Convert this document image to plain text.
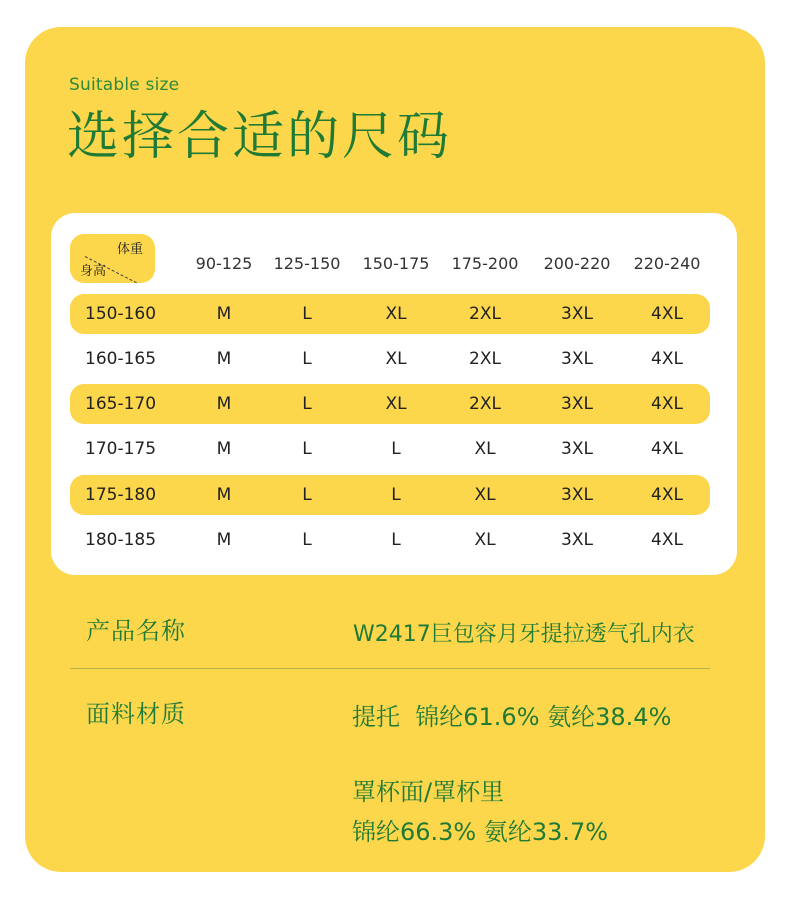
Suitable size
选择合适的尺码
体重
身高	90-125 125-150 150-175 175-200 200-220 220-240
150-160	M	L	XL	2XL	3XL	4XL
160-165	M	L	XL	2XL	3XL	4XL
165-170	M	L	XL	2XL	3XL	4XL
170-175	M	L	L	XL	3XL	4XL
175-180	M	L	L	XL	3XL	4XL
180-185	M	L	L	XL	3XL	4XL
产品名称	W2417巨包容月牙提拉透气孔内衣
面料材质	提托  锦纶61.6% 氨纶38.4%
罩杯面/罩杯里
锦纶66.3% 氨纶33.7%
汕头市潮南区司马浦丰凡制衣厂
